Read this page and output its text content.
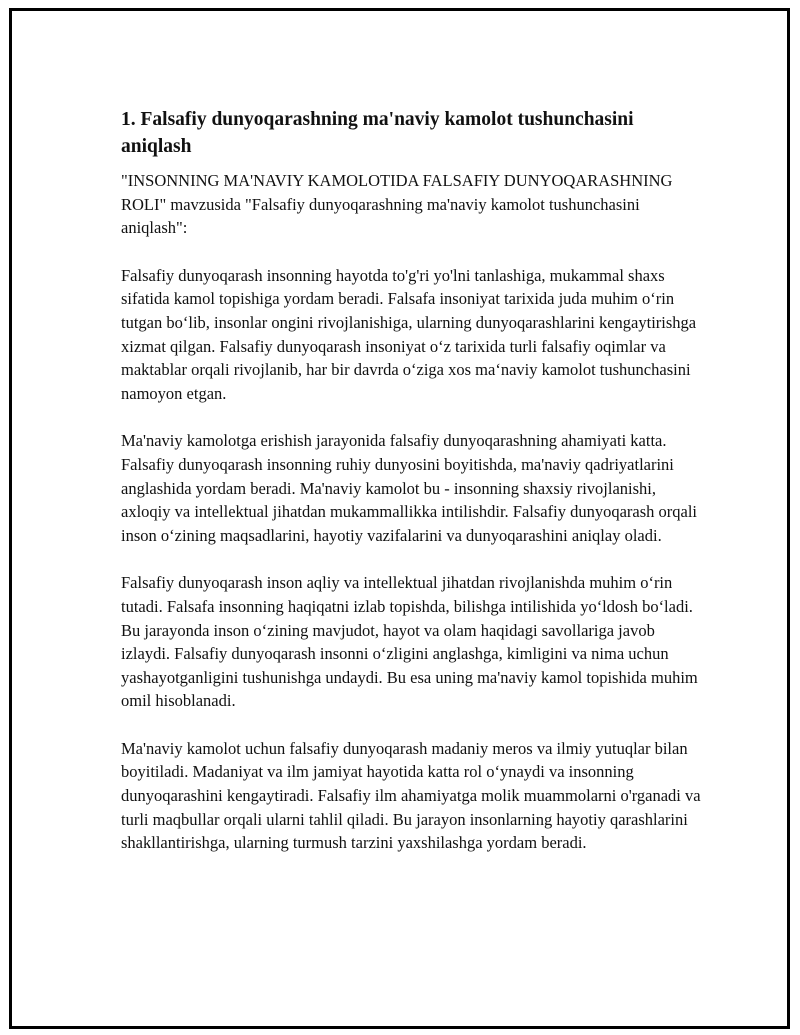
1. Falsafiy dunyoqarashning ma'naviy kamolot tushunchasini aniqlash

"INSONNING MA'NAVIY KAMOLOTIDA FALSAFIY DUNYOQARASHNING ROLI" mavzusida "Falsafiy dunyoqarashning ma'naviy kamolot tushunchasini aniqlash":

Falsafiy dunyoqarash insonning hayotda to'g'ri yo'lni tanlashiga, mukammal shaxs sifatida kamol topishiga yordam beradi. Falsafa insoniyat tarixida juda muhim oʻrin tutgan boʻlib, insonlar ongini rivojlanishiga, ularning dunyoqarashlarini kengaytirishga xizmat qilgan. Falsafiy dunyoqarash insoniyat oʻz tarixida turli falsafiy oqimlar va maktablar orqali rivojlanib, har bir davrda oʻziga xos maʻnaviy kamolot tushunchasini namoyon etgan.

Ma'naviy kamolotga erishish jarayonida falsafiy dunyoqarashning ahamiyati katta. Falsafiy dunyoqarash insonning ruhiy dunyosini boyitishda, ma'naviy qadriyatlarini anglashida yordam beradi. Ma'naviy kamolot bu - insonning shaxsiy rivojlanishi, axloqiy va intellektual jihatdan mukammallikka intilishdir. Falsafiy dunyoqarash orqali inson oʻzining maqsadlarini, hayotiy vazifalarini va dunyoqarashini aniqlay oladi.

Falsafiy dunyoqarash inson aqliy va intellektual jihatdan rivojlanishda muhim oʻrin tutadi. Falsafa insonning haqiqatni izlab topishda, bilishga intilishida yoʻldosh boʻladi. Bu jarayonda inson oʻzining mavjudot, hayot va olam haqidagi savollariga javob izlaydi. Falsafiy dunyoqarash insonni oʻzligini anglashga, kimligini va nima uchun yashayotganligini tushunishga undaydi. Bu esa uning ma'naviy kamol topishida muhim omil hisoblanadi.

Ma'naviy kamolot uchun falsafiy dunyoqarash madaniy meros va ilmiy yutuqlar bilan boyitiladi. Madaniyat va ilm jamiyat hayotida katta rol oʻynaydi va insonning dunyoqarashini kengaytiradi. Falsafiy ilm ahamiyatga molik muammolarni o'rganadi va turli maqbullar orqali ularni tahlil qiladi. Bu jarayon insonlarning hayotiy qarashlarini shakllantirishga, ularning turmush tarzini yaxshilashga yordam beradi.
